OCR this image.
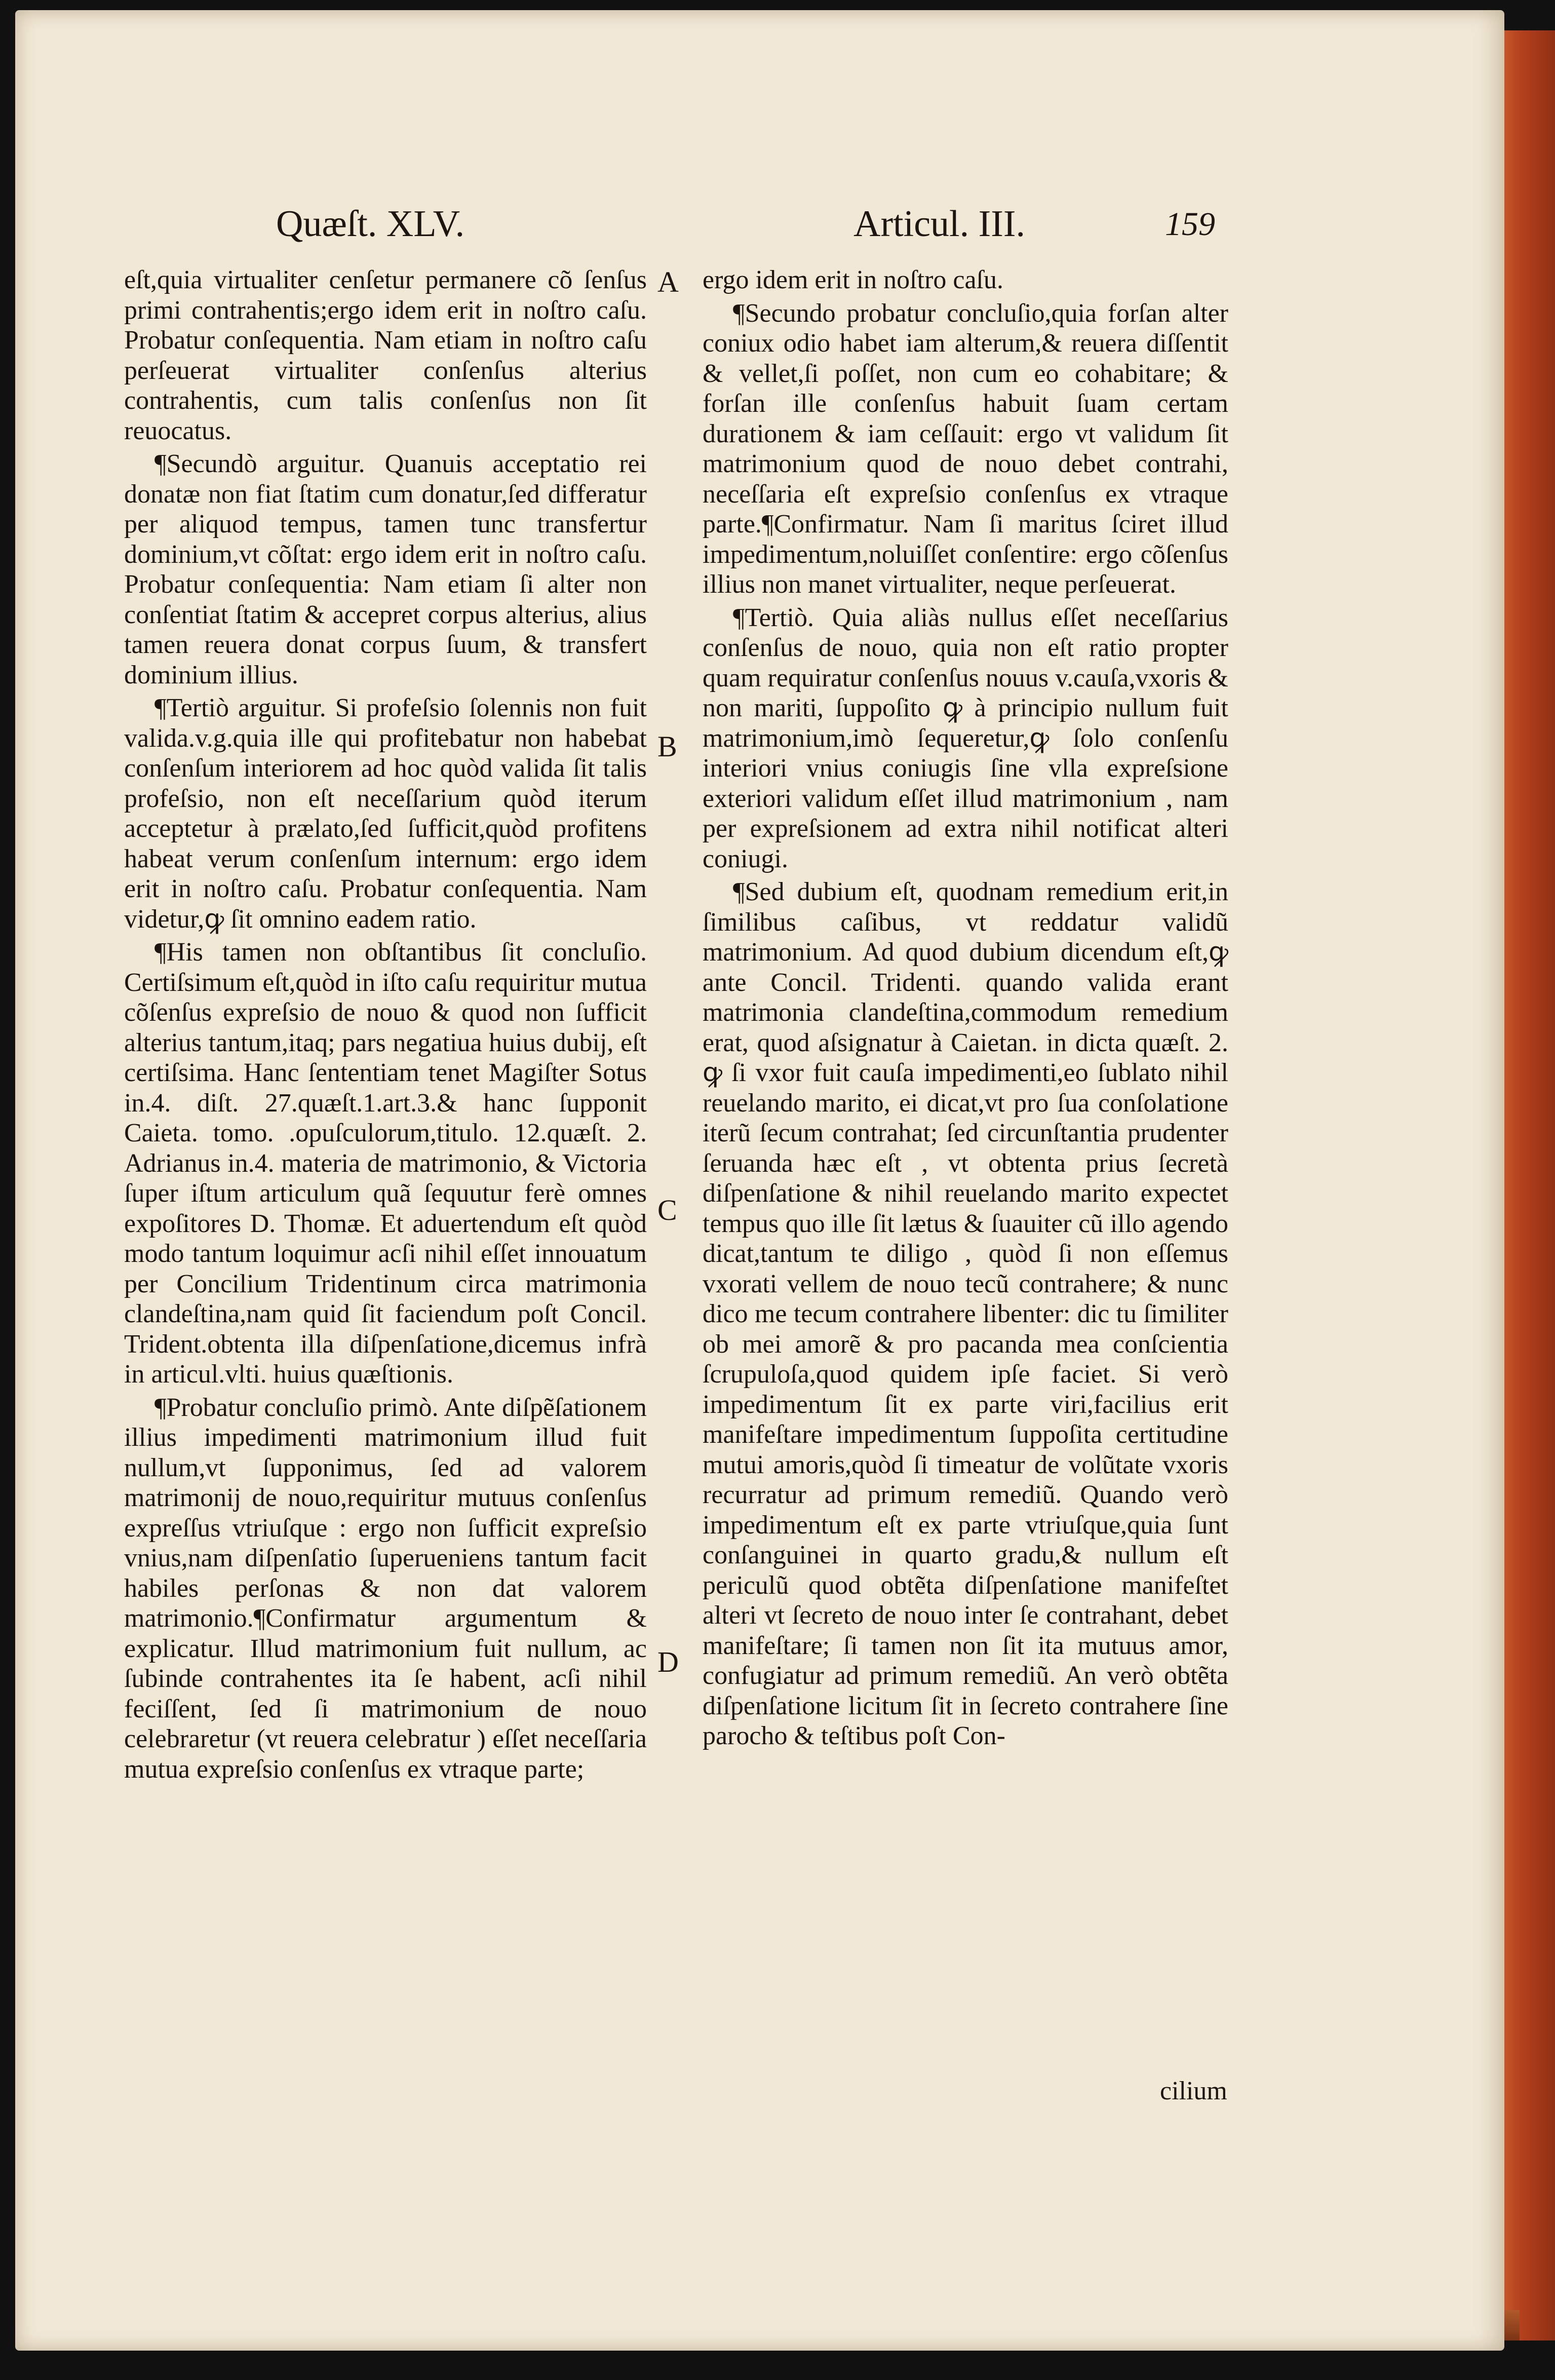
Quæſt. XLV.	Articul. III.	159

eſt,quia virtualiter cenſetur permanere cõ ſenſus primi contrahentis;ergo idem erit in noſtro caſu. Probatur conſequentia. Nam etiam in noſtro caſu perſeuerat virtualiter conſenſus alterius contrahentis, cum talis conſenſus non ſit reuocatus.

¶Secundò arguitur. Quanuis acceptatio rei donatæ non fiat ſtatim cum donatur,ſed differatur per aliquod tempus, tamen tunc transfertur dominium,vt cõſtat: ergo idem erit in noſtro caſu. Probatur conſequentia: Nam etiam ſi alter non conſentiat ſtatim & accepret corpus alterius, alius tamen reuera donat corpus ſuum, & transfert dominium illius.

¶Tertiò arguitur. Si profeſsio ſolennis non fuit valida.v.g.quia ille qui profitebatur non habebat conſenſum interiorem ad hoc quòd valida ſit talis profeſsio, non eſt neceſſarium quòd iterum acceptetur à prælato,ſed ſufficit,quòd profitens habeat verum conſenſum internum: ergo idem erit in noſtro caſu. Probatur conſequentia. Nam videtur,ꝙ ſit omnino eadem ratio.

¶His tamen non obſtantibus ſit concluſio. Certiſsimum eſt,quòd in iſto caſu requiritur mutua cõſenſus expreſsio de nouo & quod non ſufficit alterius tantum,itaq; pars negatiua huius dubij, eſt certiſsima. Hanc ſententiam tenet Magiſter Sotus in.4. diſt. 27.quæſt.1.art.3.& hanc ſupponit Caieta. tomo. .opuſculorum,titulo. 12.quæſt. 2. Adrianus in.4. materia de matrimonio, & Victoria ſuper iſtum articulum quã ſequutur ferè omnes expoſitores D. Thomæ. Et aduertendum eſt quòd modo tantum loquimur acſi nihil eſſet innouatum per Concilium Tridentinum circa matrimonia clandeſtina,nam quid ſit faciendum poſt Concil. Trident.obtenta illa diſpenſatione,dicemus infrà in articul.vlti. huius quæſtionis.

¶Probatur concluſio primò. Ante diſpẽſationem illius impedimenti matrimonium illud fuit nullum,vt ſupponimus, ſed ad valorem matrimonij de nouo,requiritur mutuus conſenſus expreſſus vtriuſque : ergo non ſufficit expreſsio vnius,nam diſpenſatio ſuperueniens tantum facit habiles perſonas & non dat valorem matrimonio.¶Confirmatur argumentum & explicatur. Illud matrimonium fuit nullum, ac ſubinde contrahentes ita ſe habent, acſi nihil feciſſent, ſed ſi matrimonium de nouo celebraretur (vt reuera celebratur ) eſſet neceſſaria mutua expreſsio conſenſus ex vtraque parte;

A
B
C
D

ergo idem erit in noſtro caſu.

¶Secundo probatur concluſio,quia forſan alter coniux odio habet iam alterum,& reuera diſſentit & vellet,ſi poſſet, non cum eo cohabitare; & forſan ille conſenſus habuit ſuam certam durationem & iam ceſſauit: ergo vt validum ſit matrimonium quod de nouo debet contrahi, neceſſaria eſt expreſsio conſenſus ex vtraque parte.¶Confirmatur. Nam ſi maritus ſciret illud impedimentum,noluiſſet conſentire: ergo cõſenſus illius non manet virtualiter, neque perſeuerat.

¶Tertiò. Quia aliàs nullus eſſet neceſſarius conſenſus de nouo, quia non eſt ratio propter quam requiratur conſenſus nouus v.cauſa,vxoris & non mariti, ſuppoſito ꝙ à principio nullum fuit matrimonium,imò ſequeretur,ꝙ ſolo conſenſu interiori vnius coniugis ſine vlla expreſsione exteriori validum eſſet illud matrimonium , nam per expreſsionem ad extra nihil notificat alteri coniugi.

¶Sed dubium eſt, quodnam remedium erit,in ſimilibus caſibus, vt reddatur validũ matrimonium. Ad quod dubium dicendum eſt,ꝙ ante Concil. Tridenti. quando valida erant matrimonia clandeſtina,commodum remedium erat, quod aſsignatur à Caietan. in dicta quæſt. 2. ꝙ ſi vxor fuit cauſa impedimenti,eo ſublato nihil reuelando marito, ei dicat,vt pro ſua conſolatione iterũ ſecum contrahat; ſed circunſtantia prudenter ſeruanda hæc eſt , vt obtenta prius ſecretà diſpenſatione & nihil reuelando marito expectet tempus quo ille ſit lætus & ſuauiter cũ illo agendo dicat,tantum te diligo , quòd ſi non eſſemus vxorati vellem de nouo tecũ contrahere; & nunc dico me tecum contrahere libenter: dic tu ſimiliter ob mei amorẽ & pro pacanda mea conſcientia ſcrupuloſa,quod quidem ipſe faciet. Si verò impedimentum ſit ex parte viri,facilius erit manifeſtare impedimentum ſuppoſita certitudine mutui amoris,quòd ſi timeatur de volũtate vxoris recurratur ad primum remediũ. Quando verò impedimentum eſt ex parte vtriuſque,quia ſunt conſanguinei in quarto gradu,& nullum eſt periculũ quod obtẽta diſpenſatione manifeſtet alteri vt ſecreto de nouo inter ſe contrahant, debet manifeſtare; ſi tamen non ſit ita mutuus amor, confugiatur ad primum remediũ. An verò obtẽta diſpenſatione licitum ſit in ſecreto contrahere ſine parocho & teſtibus poſt Con-

cilium
